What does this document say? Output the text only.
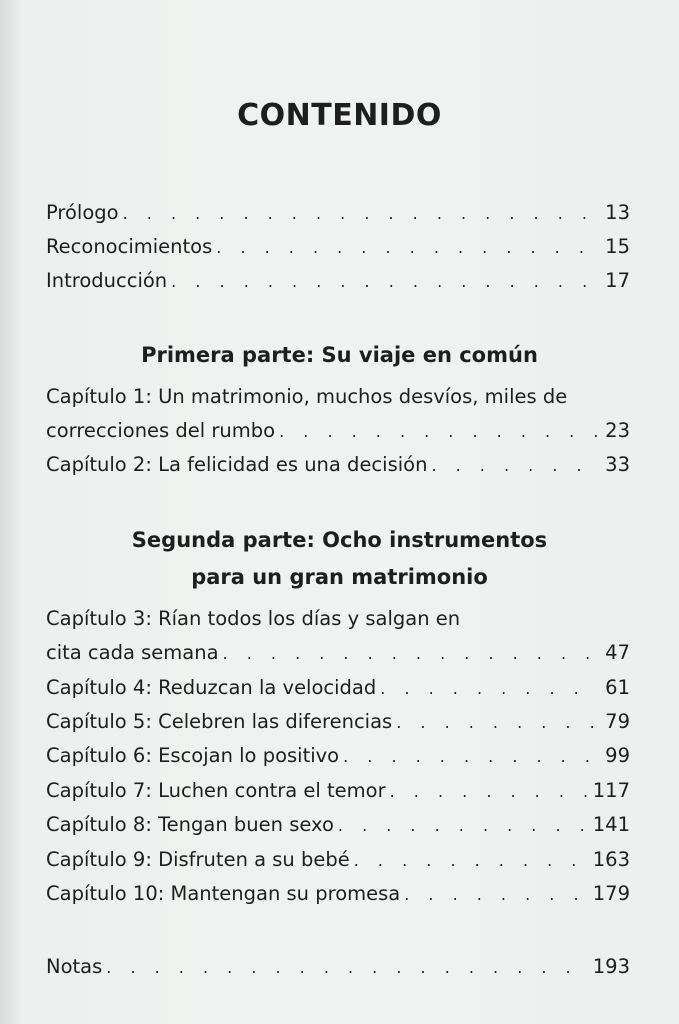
CONTENIDO
Prólogo . . .	13
Reconocimientos . . .	15
Introducción . . .	17
Primera parte: Su viaje en común
Capítulo 1: Un matrimonio, muchos desvíos, miles de
correcciones del rumbo . . .	23
Capítulo 2: La felicidad es una decisión . . .	33
Segunda parte: Ocho instrumentos
para un gran matrimonio
Capítulo 3: Rían todos los días y salgan en
cita cada semana . . .	47
Capítulo 4: Reduzcan la velocidad . . .	61
Capítulo 5: Celebren las diferencias . . .	79
Capítulo 6: Escojan lo positivo . . .	99
Capítulo 7: Luchen contra el temor . . .	117
Capítulo 8: Tengan buen sexo . . .	141
Capítulo 9: Disfruten a su bebé . . .	163
Capítulo 10: Mantengan su promesa . . .	179
Notas . . .	193
